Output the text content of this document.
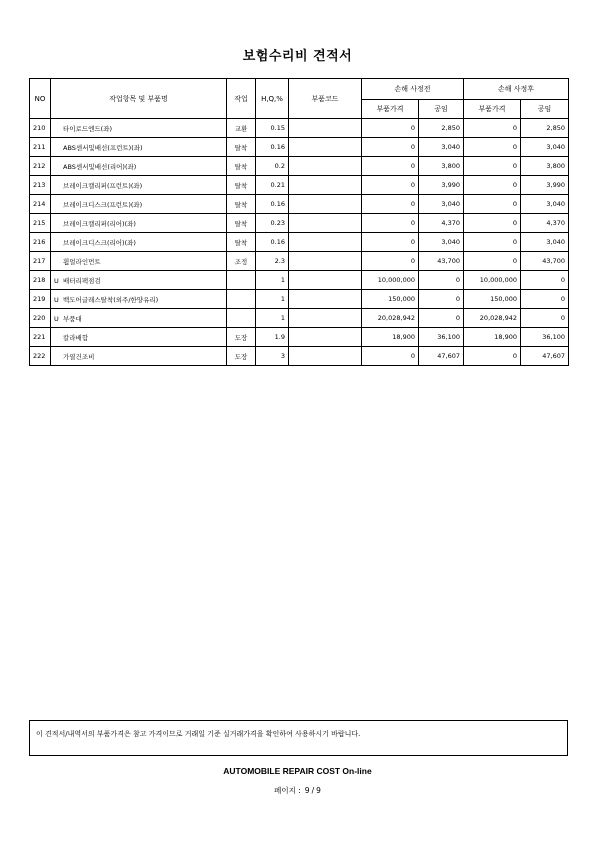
보험수리비 견적서
NO	작업항목 및 부품명	작업	H,Q,%	부품코드	손해 사정전		손해 사정후	
					부품가격	공임	부품가격	공임
210	타이로드엔드(좌)	교환	0.15		0	2,850	0	2,850
211	ABS센서및배선(프런트)(좌)	탈착	0.16		0	3,040	0	3,040
212	ABS센서및배선(리어)(좌)	탈착	0.2		0	3,800	0	3,800
213	브레이크캘리퍼(프런트)(좌)	탈착	0.21		0	3,990	0	3,990
214	브레이크디스크(프런트)(좌)	탈착	0.16		0	3,040	0	3,040
215	브레이크캘리퍼(리어)(좌)	탈착	0.23		0	4,370	0	4,370
216	브레이크디스크(리어)(좌)	탈착	0.16		0	3,040	0	3,040
217	휠얼라인먼트	조정	2.3		0	43,700	0	43,700
218	U 배터리팩점검		1		10,000,000	0	10,000,000	0
219	U 백도어글래스탈착(외주/한양유리)		1		150,000	0	150,000	0
220	U 부품대		1		20,028,942	0	20,028,942	0
221	칼라배합	도장	1.9		18,900	36,100	18,900	36,100
222	가열건조비	도장	3		0	47,607	0	47,607
이 견적서/내역서의 부품가격은 참고 가격이므로 거래일 기준 실거래가격을 확인하여 사용하시기 바랍니다.
AUTOMOBILE REPAIR COST On-line
페이지 : 9 / 9
